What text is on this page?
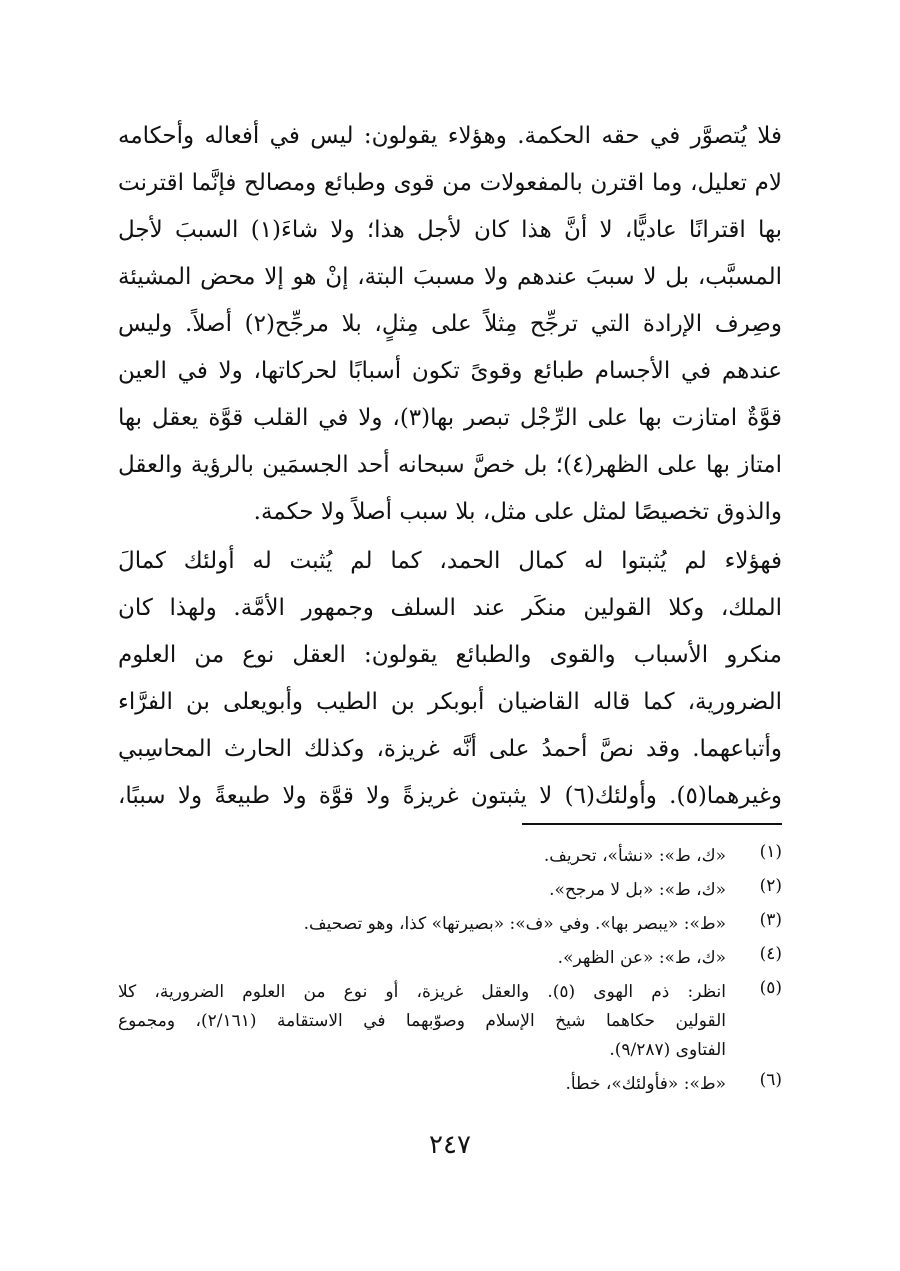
فلا يُتصوَّر في حقه الحكمة. وهؤلاء يقولون: ليس في أفعاله وأحكامه
لام تعليل، وما اقترن بالمفعولات من قوى وطبائع ومصالح فإنَّما اقترنت
بها اقترانًا عاديًّا، لا أنَّ هذا كان لأجل هذا؛ ولا شاءَ(١) السببَ لأجل
المسبَّب، بل لا سببَ عندهم ولا مسببَ البتة، إنْ هو إلا محض المشيئة
وصِرف الإرادة التي ترجِّح مِثلاً على مِثلٍ، بلا مرجِّح(٢) أصلاً. وليس
عندهم في الأجسام طبائع وقوىً تكون أسبابًا لحركاتها، ولا في العين
قوَّةٌ امتازت بها على الرِّجْل تبصر بها(٣)، ولا في القلب قوَّة يعقل بها
امتاز بها على الظهر(٤)؛ بل خصَّ سبحانه أحد الجسمَين بالرؤية والعقل
والذوق تخصيصًا لمثل على مثل، بلا سبب أصلاً ولا حكمة.
فهؤلاء لم يُثبتوا له كمال الحمد، كما لم يُثبت له أولئك كمالَ
الملك، وكلا القولين منكَر عند السلف وجمهور الأمَّة. ولهذا كان
منكرو الأسباب والقوى والطبائع يقولون: العقل نوع من العلوم
الضرورية، كما قاله القاضيان أبوبكر بن الطيب وأبويعلى بن الفرَّاء
وأتباعهما. وقد نصَّ أحمدُ على أنَّه غريزة، وكذلك الحارث المحاسِبي
وغيرهما(٥). وأولئك(٦) لا يثبتون غريزةً ولا قوَّة ولا طبيعةً ولا سببًا،
(١)
«ك، ط»: «نشأ»، تحريف.
(٢)
«ك، ط»: «بل لا مرجح».
(٣)
«ط»: «يبصر بها». وفي «ف»: «بصيرتها» كذا، وهو تصحيف.
(٤)
«ك، ط»: «عن الظهر».
(٥)
انظر: ذم الهوى (٥). والعقل غريزة، أو نوع من العلوم الضرورية، كلا
القولين حكاهما شيخ الإسلام وصوّبهما في الاستقامة (٢/١٦١)، ومجموع
الفتاوى (٩/٢٨٧).
(٦)
«ط»: «فأولئك»، خطأ.
٢٤٧
